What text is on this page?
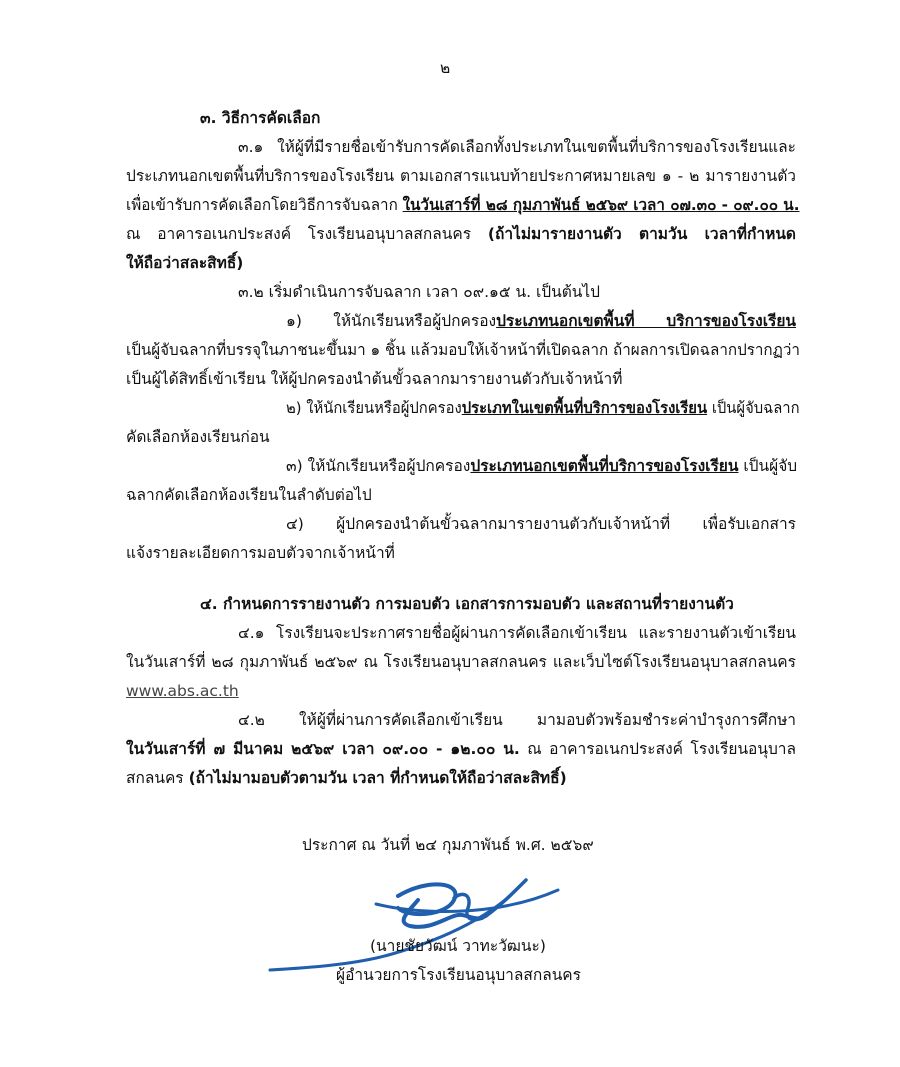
๒
๓. วิธีการคัดเลือก
๓.๑ ให้ผู้ที่มีรายชื่อเข้ารับการคัดเลือกทั้งประเภทในเขตพื้นที่บริการของโรงเรียนและ
ประเภทนอกเขตพื้นที่บริการของโรงเรียน ตามเอกสารแนบท้ายประกาศหมายเลข ๑ - ๒ มารายงานตัว
เพื่อเข้ารับการคัดเลือกโดยวิธีการจับฉลาก ในวันเสาร์ที่ ๒๘ กุมภาพันธ์ ๒๕๖๙ เวลา ๐๗.๓๐ - ๐๙.๐๐ น.
ณ อาคารอเนกประสงค์ โรงเรียนอนุบาลสกลนคร (ถ้าไม่มารายงานตัว ตามวัน เวลาที่กำหนด
ให้ถือว่าสละสิทธิ์)
๓.๒ เริ่มดำเนินการจับฉลาก เวลา ๐๙.๑๕ น. เป็นต้นไป
๑) ให้นักเรียนหรือผู้ปกครองประเภทนอกเขตพื้นที่ บริการของโรงเรียน
เป็นผู้จับฉลากที่บรรจุในภาชนะขึ้นมา ๑ ชิ้น แล้วมอบให้เจ้าหน้าที่เปิดฉลาก ถ้าผลการเปิดฉลากปรากฏว่า
เป็นผู้ได้สิทธิ์เข้าเรียน ให้ผู้ปกครองนำต้นขั้วฉลากมารายงานตัวกับเจ้าหน้าที่
๒) ให้นักเรียนหรือผู้ปกครองประเภทในเขตพื้นที่บริการของโรงเรียน เป็นผู้จับฉลาก
คัดเลือกห้องเรียนก่อน
๓) ให้นักเรียนหรือผู้ปกครองประเภทนอกเขตพื้นที่บริการของโรงเรียน เป็นผู้จับ
ฉลากคัดเลือกห้องเรียนในลำดับต่อไป
๔) ผู้ปกครองนำต้นขั้วฉลากมารายงานตัวกับเจ้าหน้าที่ เพื่อรับเอกสาร
แจ้งรายละเอียดการมอบตัวจากเจ้าหน้าที่
๔. กำหนดการรายงานตัว การมอบตัว เอกสารการมอบตัว และสถานที่รายงานตัว
๔.๑ โรงเรียนจะประกาศรายชื่อผู้ผ่านการคัดเลือกเข้าเรียน และรายงานตัวเข้าเรียน
ในวันเสาร์ที่ ๒๘ กุมภาพันธ์ ๒๕๖๙ ณ โรงเรียนอนุบาลสกลนคร และเว็บไซต์โรงเรียนอนุบาลสกลนคร
www.abs.ac.th
๔.๒ ให้ผู้ที่ผ่านการคัดเลือกเข้าเรียน มามอบตัวพร้อมชำระค่าบำรุงการศึกษา
ในวันเสาร์ที่ ๗ มีนาคม ๒๕๖๙ เวลา ๐๙.๐๐ - ๑๒.๐๐ น. ณ อาคารอเนกประสงค์ โรงเรียนอนุบาล
สกลนคร (ถ้าไม่มามอบตัวตามวัน เวลา ที่กำหนดให้ถือว่าสละสิทธิ์)
ประกาศ ณ วันที่ ๒๔ กุมภาพันธ์ พ.ศ. ๒๕๖๙
(นายชัยวัฒน์ วาทะวัฒนะ)
ผู้อำนวยการโรงเรียนอนุบาลสกลนคร
